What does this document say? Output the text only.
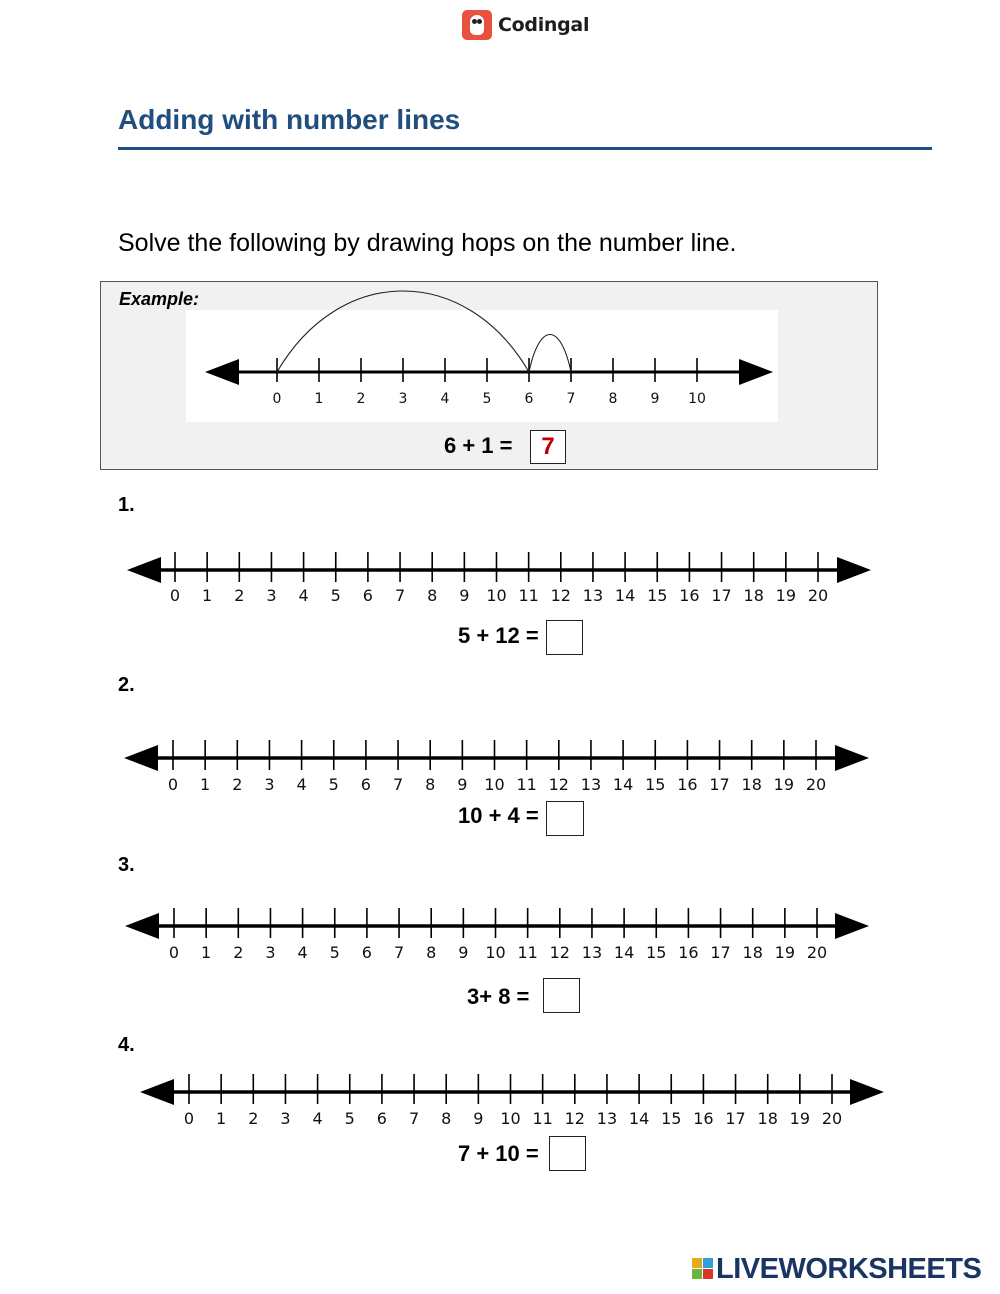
Codingal
Adding with number lines
Solve the following by drawing hops on the number line.
Example:
0 1 2 3 4 5 6 7 8 9 10
6 + 1 =	7
1.
0 1 2 3 4 5 6 7 8 9 10 11 12 13 14 15 16 17 18 19 20
5 + 12 =
2.
0 1 2 3 4 5 6 7 8 9 10 11 12 13 14 15 16 17 18 19 20
10 + 4 =
3.
0 1 2 3 4 5 6 7 8 9 10 11 12 13 14 15 16 17 18 19 20
3+ 8 =
4.
0 1 2 3 4 5 6 7 8 9 10 11 12 13 14 15 16 17 18 19 20
7 + 10 =
LIVEWORKSHEETS
